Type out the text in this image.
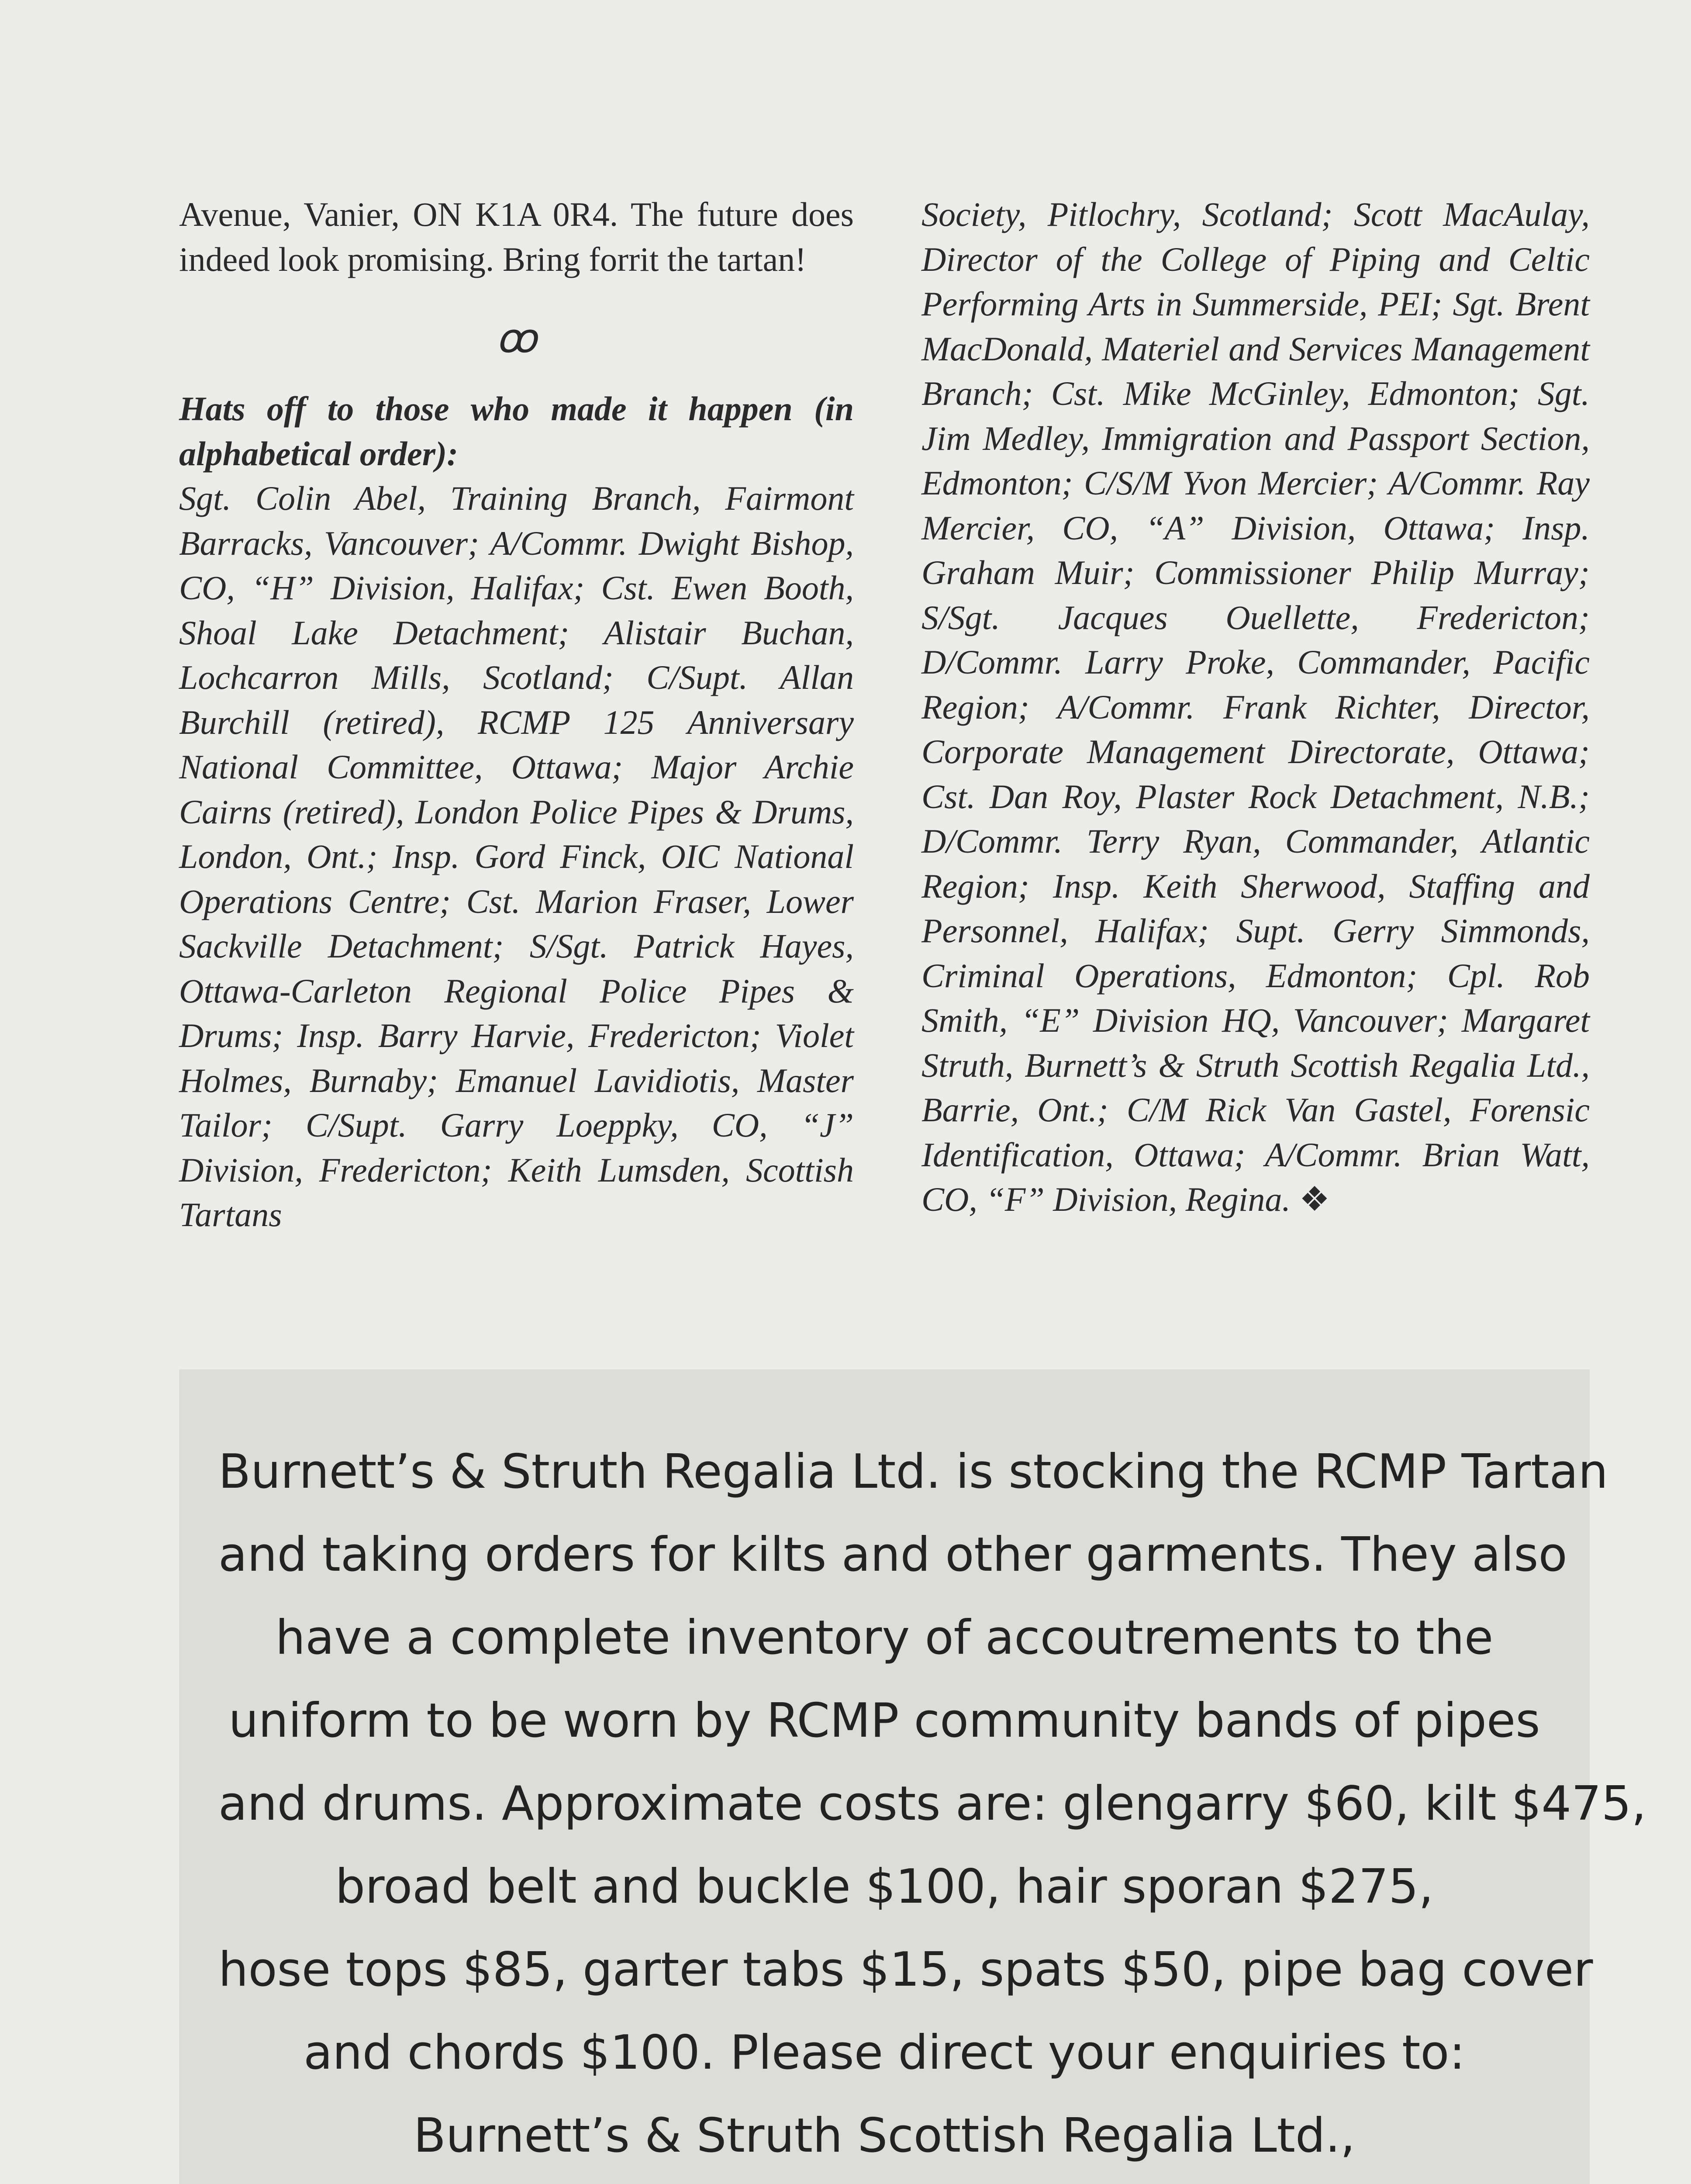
Avenue, Vanier, ON K1A 0R4. The future does indeed look promising. Bring forrit the tartan!

ꝏ

Hats off to those who made it happen (in alphabetical order):

Sgt. Colin Abel, Training Branch, Fairmont Barracks, Vancouver; A/Commr. Dwight Bishop, CO, “H” Division, Halifax; Cst. Ewen Booth, Shoal Lake Detachment; Alistair Buchan, Lochcarron Mills, Scotland; C/Supt. Allan Burchill (retired), RCMP 125 Anniversary National Committee, Ottawa; Major Archie Cairns (retired), London Police Pipes & Drums, London, Ont.; Insp. Gord Finck, OIC National Operations Centre; Cst. Marion Fraser, Lower Sackville Detachment; S/Sgt. Patrick Hayes, Ottawa-Carleton Regional Police Pipes & Drums; Insp. Barry Harvie, Fredericton; Violet Holmes, Burnaby; Emanuel Lavidiotis, Master Tailor; C/Supt. Garry Loeppky, CO, “J” Division, Fredericton; Keith Lumsden, Scottish Tartans

Society, Pitlochry, Scotland; Scott MacAulay, Director of the College of Piping and Celtic Performing Arts in Summerside, PEI; Sgt. Brent MacDonald, Materiel and Services Management Branch; Cst. Mike McGinley, Edmonton; Sgt. Jim Medley, Immigration and Passport Section, Edmonton; C/S/M Yvon Mercier; A/Commr. Ray Mercier, CO, “A” Division, Ottawa; Insp. Graham Muir; Commissioner Philip Murray; S/Sgt. Jacques Ouellette, Fredericton; D/Commr. Larry Proke, Commander, Pacific Region; A/Commr. Frank Richter, Director, Corporate Management Directorate, Ottawa; Cst. Dan Roy, Plaster Rock Detachment, N.B.; D/Commr. Terry Ryan, Commander, Atlantic Region; Insp. Keith Sherwood, Staffing and Personnel, Halifax; Supt. Gerry Simmonds, Criminal Operations, Edmonton; Cpl. Rob Smith, “E” Division HQ, Vancouver; Margaret Struth, Burnett’s & Struth Scottish Regalia Ltd., Barrie, Ont.; C/M Rick Van Gastel, Forensic Identification, Ottawa; A/Commr. Brian Watt, CO, “F” Division, Regina. ❖

Burnett’s & Struth Regalia Ltd. is stocking the RCMP Tartan
and taking orders for kilts and other garments. They also
have a complete inventory of accoutrements to the
uniform to be worn by RCMP community bands of pipes
and drums. Approximate costs are: glengarry $60, kilt $475,
broad belt and buckle $100, hair sporan $275,
hose tops $85, garter tabs $15, spats $50, pipe bag cover
and chords $100. Please direct your enquiries to:
Burnett’s & Struth Scottish Regalia Ltd.,
